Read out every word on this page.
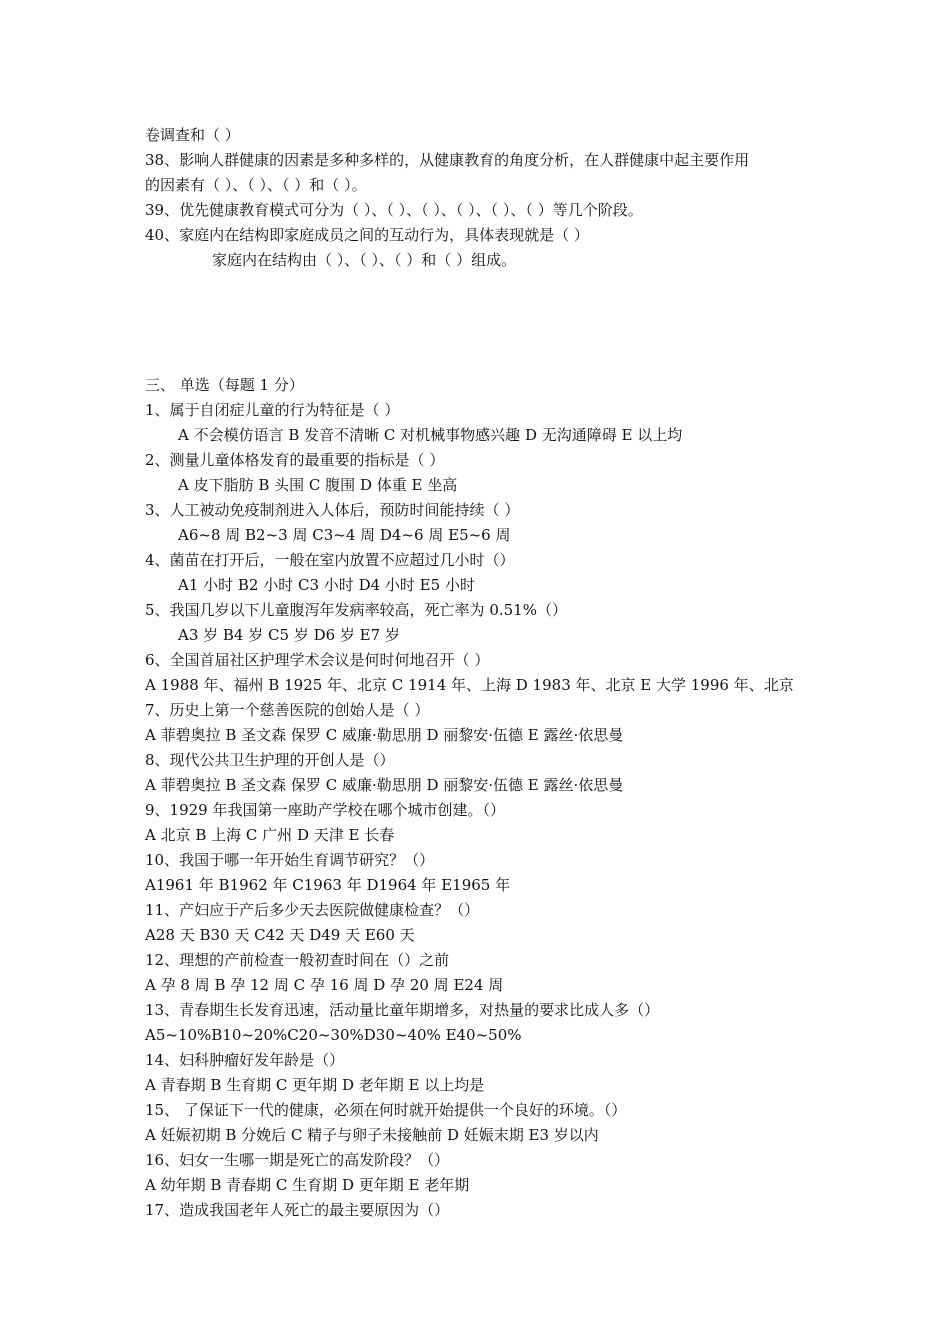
卷调查和（ ）
38、影响人群健康的因素是多种多样的，从健康教育的角度分析，在人群健康中起主要作用
的因素有（ ）、（ ）、（ ）和（ ）。
39、优先健康教育模式可分为（ ）、（ ）、（ ）、（ ）、（ ）、（ ）等几个阶段。
40、家庭内在结构即家庭成员之间的互动行为，具体表现就是（ ）
家庭内在结构由（ ）、（ ）、（ ）和（ ）组成。
三、 单选（每题 1 分）
1、属于自闭症儿童的行为特征是（ ）
A 不会模仿语言 B 发音不清晰 C 对机械事物感兴趣 D 无沟通障碍 E 以上均
2、测量儿童体格发育的最重要的指标是（ ）
A 皮下脂肪 B 头围 C 腹围 D 体重 E 坐高
3、人工被动免疫制剂进入人体后，预防时间能持续（ ）
A6~8 周 B2~3 周 C3~4 周 D4~6 周 E5~6 周
4、菌苗在打开后，一般在室内放置不应超过几小时（）
A1 小时 B2 小时 C3 小时 D4 小时 E5 小时
5、我国几岁以下儿童腹泻年发病率较高，死亡率为 0.51%（）
A3 岁 B4 岁 C5 岁 D6 岁 E7 岁
6、全国首届社区护理学术会议是何时何地召开（ ）
A 1988 年、福州 B 1925 年、北京 C 1914 年、上海 D 1983 年、北京 E 大学 1996 年、北京
7、历史上第一个慈善医院的创始人是（ ）
A 菲碧奥拉 B 圣文森 保罗 C 威廉·勒思朋 D 丽黎安·伍德 E 露丝·依思曼
8、现代公共卫生护理的开创人是（）
A 菲碧奥拉 B 圣文森 保罗 C 威廉·勒思朋 D 丽黎安·伍德 E 露丝·依思曼
9、1929 年我国第一座助产学校在哪个城市创建。（）
A 北京 B 上海 C 广州 D 天津 E 长春
10、我国于哪一年开始生育调节研究？（）
A1961 年 B1962 年 C1963 年 D1964 年 E1965 年
11、产妇应于产后多少天去医院做健康检查？（）
A28 天 B30 天 C42 天 D49 天 E60 天
12、理想的产前检查一般初查时间在（）之前
A 孕 8 周 B 孕 12 周 C 孕 16 周 D 孕 20 周 E24 周
13、青春期生长发育迅速，活动量比童年期增多，对热量的要求比成人多（）
A5~10%B10~20%C20~30%D30~40% E40~50%
14、妇科肿瘤好发年龄是（）
A 青春期 B 生育期 C 更年期 D 老年期 E 以上均是
15、 了保证下一代的健康，必须在何时就开始提供一个良好的环境。（）
A 妊娠初期 B 分娩后 C 精子与卵子未接触前 D 妊娠末期 E3 岁以内
16、妇女一生哪一期是死亡的高发阶段？（）
A 幼年期 B 青春期 C 生育期 D 更年期 E 老年期
17、造成我国老年人死亡的最主要原因为（）
